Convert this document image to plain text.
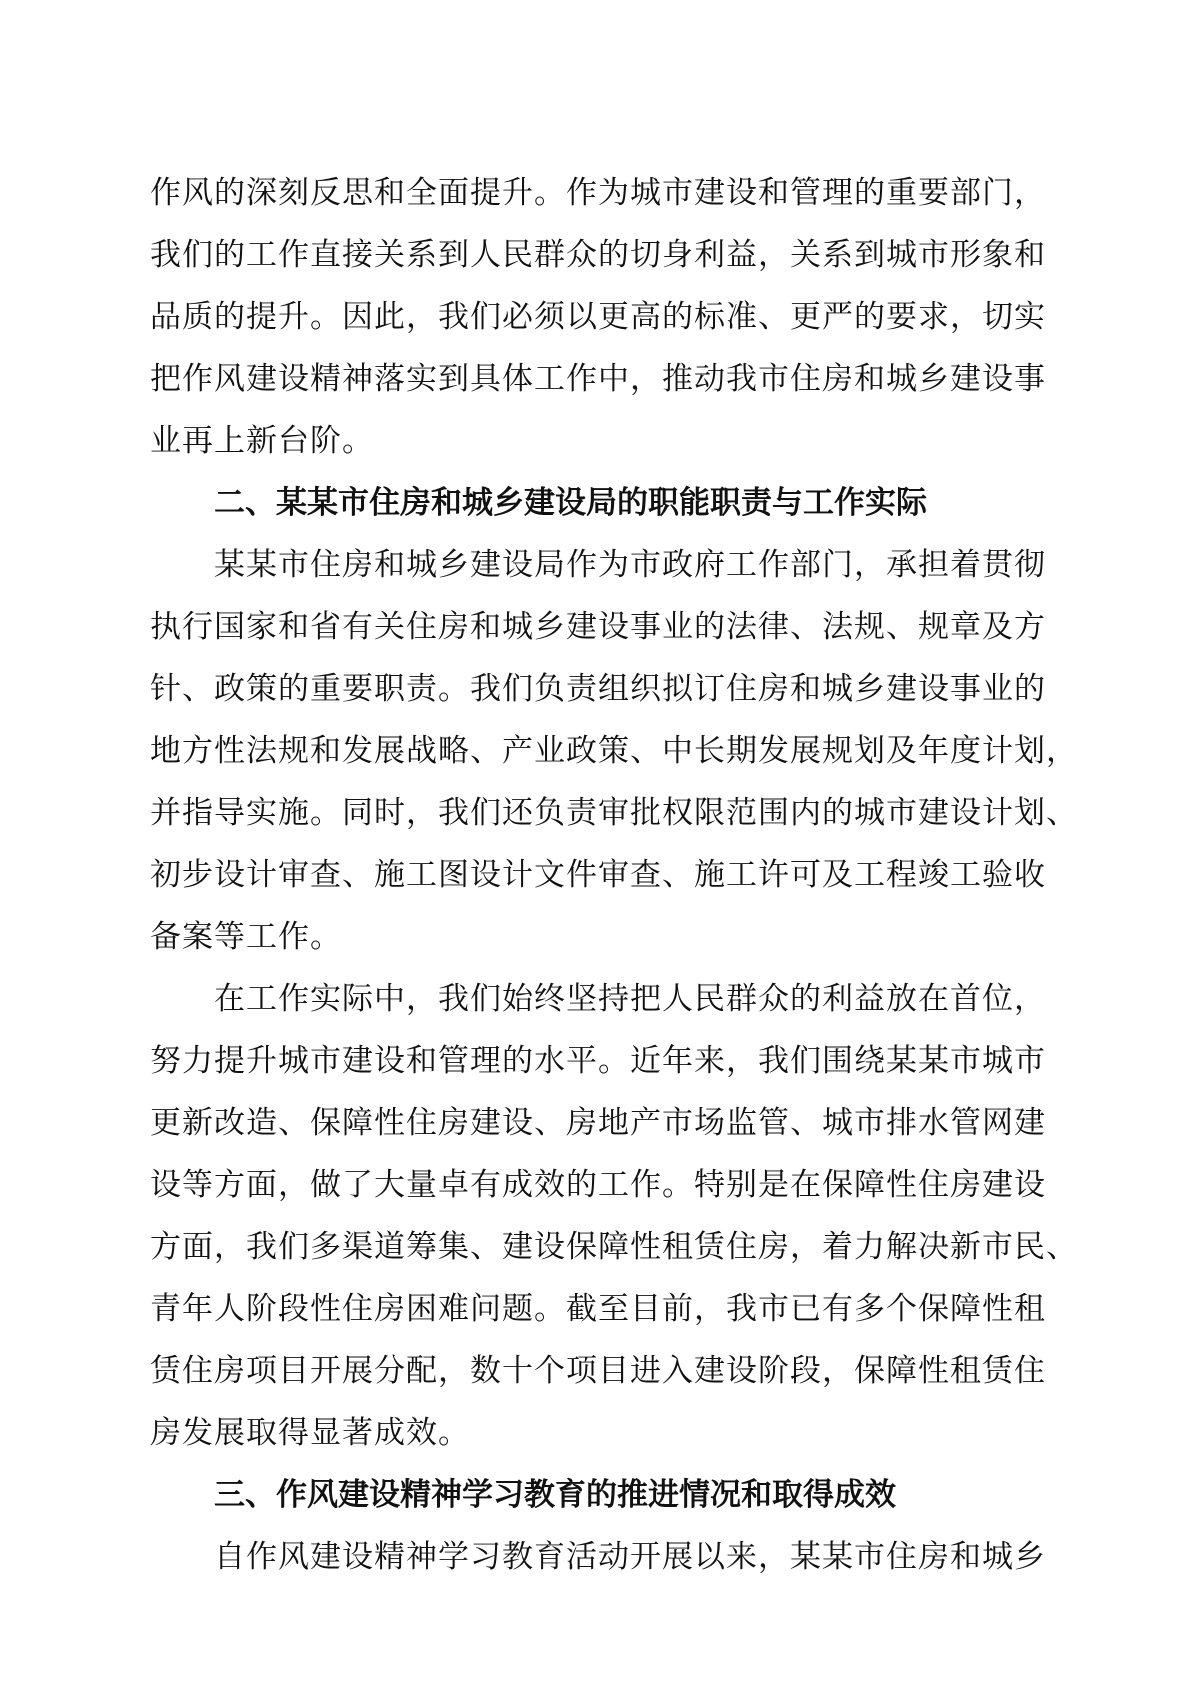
作风的深刻反思和全面提升。作为城市建设和管理的重要部门，
我们的工作直接关系到人民群众的切身利益，关系到城市形象和
品质的提升。因此，我们必须以更高的标准、更严的要求，切实
把作风建设精神落实到具体工作中，推动我市住房和城乡建设事
业再上新台阶。
二、某某市住房和城乡建设局的职能职责与工作实际
某某市住房和城乡建设局作为市政府工作部门，承担着贯彻
执行国家和省有关住房和城乡建设事业的法律、法规、规章及方
针、政策的重要职责。我们负责组织拟订住房和城乡建设事业的
地方性法规和发展战略、产业政策、中长期发展规划及年度计划，
并指导实施。同时，我们还负责审批权限范围内的城市建设计划、
初步设计审查、施工图设计文件审查、施工许可及工程竣工验收
备案等工作。
在工作实际中，我们始终坚持把人民群众的利益放在首位，
努力提升城市建设和管理的水平。近年来，我们围绕某某市城市
更新改造、保障性住房建设、房地产市场监管、城市排水管网建
设等方面，做了大量卓有成效的工作。特别是在保障性住房建设
方面，我们多渠道筹集、建设保障性租赁住房，着力解决新市民、
青年人阶段性住房困难问题。截至目前，我市已有多个保障性租
赁住房项目开展分配，数十个项目进入建设阶段，保障性租赁住
房发展取得显著成效。
三、作风建设精神学习教育的推进情况和取得成效
自作风建设精神学习教育活动开展以来，某某市住房和城乡
